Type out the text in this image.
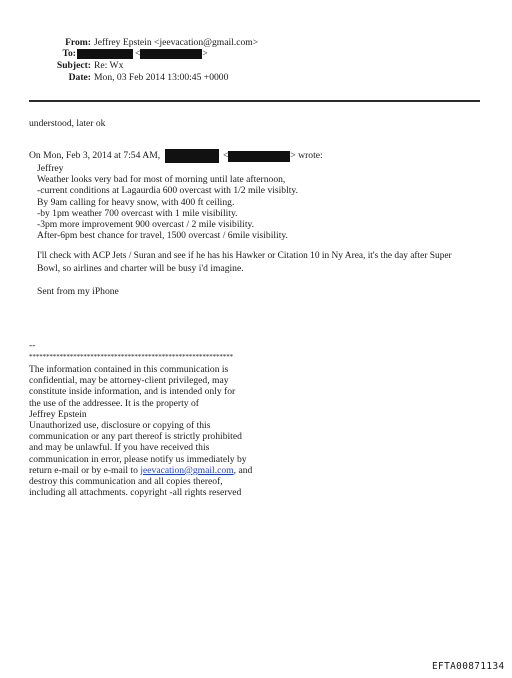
From: Jeffrey Epstein <jeevacation@gmail.com>
To:	<	>
Subject: Re: Wx
Date: Mon, 03 Feb 2014 13:00:45 +0000
understood, later ok
On Mon, Feb 3, 2014 at 7:54 AM,	<	> wrote:
Jeffrey
Weather looks very bad for most of morning until late afternoon,
-current conditions at Lagaurdia 600 overcast with 1/2 mile visiblty.
By 9am calling for heavy snow, with 400 ft ceiling.
-by 1pm weather 700 overcast with 1 mile visibility.
-3pm more improvement 900 overcast / 2 mile visibility.
After-6pm best chance for travel, 1500 overcast / 6mile visibility.
I'll check with ACP Jets / Suran and see if he has his Hawker or Citation 10 in Ny Area, it's the day after Super
Bowl, so airlines and charter will be busy i'd imagine.
Sent from my iPhone
--
************************************************************
The information contained in this communication is
confidential, may be attorney-client privileged, may
constitute inside information, and is intended only for
the use of the addressee. It is the property of
Jeffrey Epstein
Unauthorized use, disclosure or copying of this
communication or any part thereof is strictly prohibited
and may be unlawful. If you have received this
communication in error, please notify us immediately by
return e-mail or by e-mail to jeevacation@gmail.com, and
destroy this communication and all copies thereof,
including all attachments. copyright -all rights reserved
EFTA00871134
